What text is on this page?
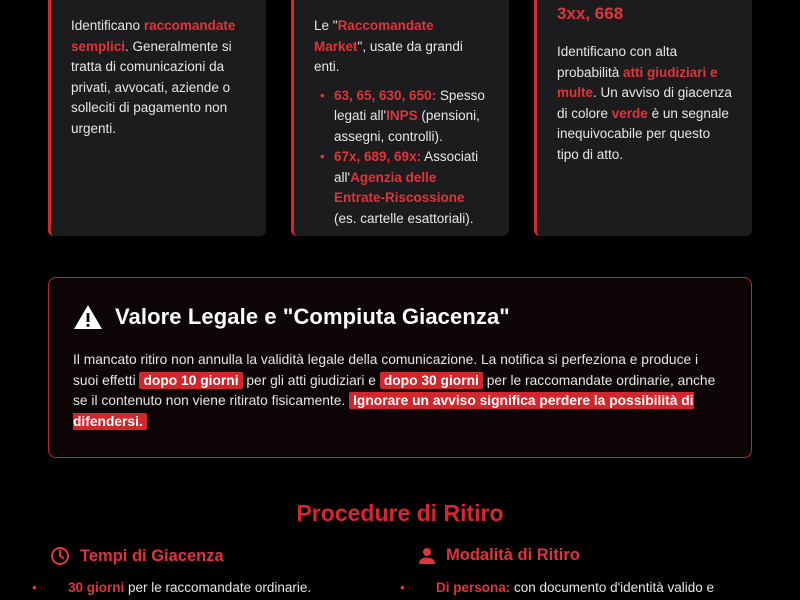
Identificano raccomandate semplici. Generalmente si tratta di comunicazioni da privati, avvocati, aziende o solleciti di pagamento non urgenti.

Le "Raccomandate Market", usate da grandi enti.

• 63, 65, 630, 650: Spesso legati all'INPS (pensioni, assegni, controlli).
• 67x, 689, 69x: Associati all'Agenzia delle Entrate-Riscossione (es. cartelle esattoriali).
3xx, 668

Identificano con alta probabilità atti giudiziari e multe. Un avviso di giacenza di colore verde è un segnale inequivocabile per questo tipo di atto.

Valore Legale e "Compiuta Giacenza"

Il mancato ritiro non annulla la validità legale della comunicazione. La notifica si perfeziona e produce i suoi effetti dopo 10 giorni per gli atti giudiziari e dopo 30 giorni per le raccomandate ordinarie, anche se il contenuto non viene ritirato fisicamente. Ignorare un avviso significa perdere la possibilità di difendersi.

Procedure di Ritiro
Tempi di Giacenza	Modalità di Ritiro
• 30 giorni per le raccomandate ordinarie.	• Di persona: con documento d'identità valido e
